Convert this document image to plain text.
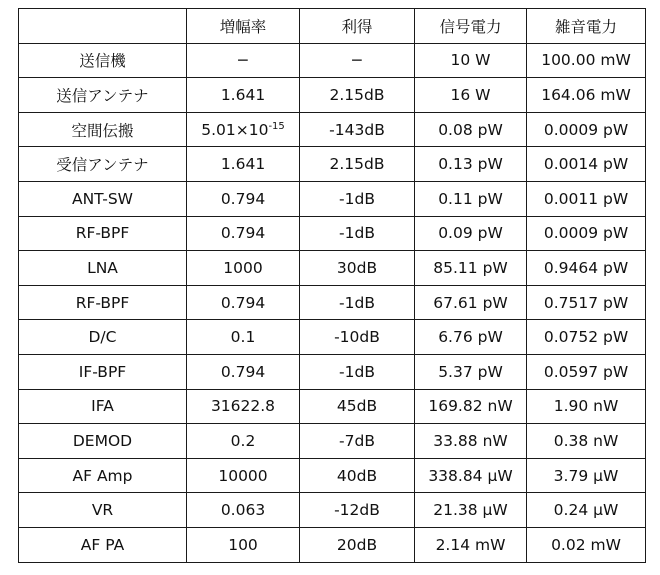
	増幅率	利得	信号電力	雑音電力
送信機	−	−	10 W	100.00 mW
送信アンテナ	1.641	2.15dB	16 W	164.06 mW
空間伝搬	$5.01\times 10^{-15}$	-143dB	0.08 pW	0.0009 pW
受信アンテナ	1.641	2.15dB	0.13 pW	0.0014 pW
ANT-SW	0.794	-1dB	0.11 pW	0.0011 pW
RF-BPF	0.794	-1dB	0.09 pW	0.0009 pW
LNA	1000	30dB	85.11 pW	0.9464 pW
RF-BPF	0.794	-1dB	67.61 pW	0.7517 pW
D/C	0.1	-10dB	6.76 pW	0.0752 pW
IF-BPF	0.794	-1dB	5.37 pW	0.0597 pW
IFA	31622.8	45dB	169.82 nW	1.90 nW
DEMOD	0.2	-7dB	33.88 nW	0.38 nW
AF Amp	10000	40dB	338.84 μW	3.79 μW
VR	0.063	-12dB	21.38 μW	0.24 μW
AF PA	100	20dB	2.14 mW	0.02 mW
